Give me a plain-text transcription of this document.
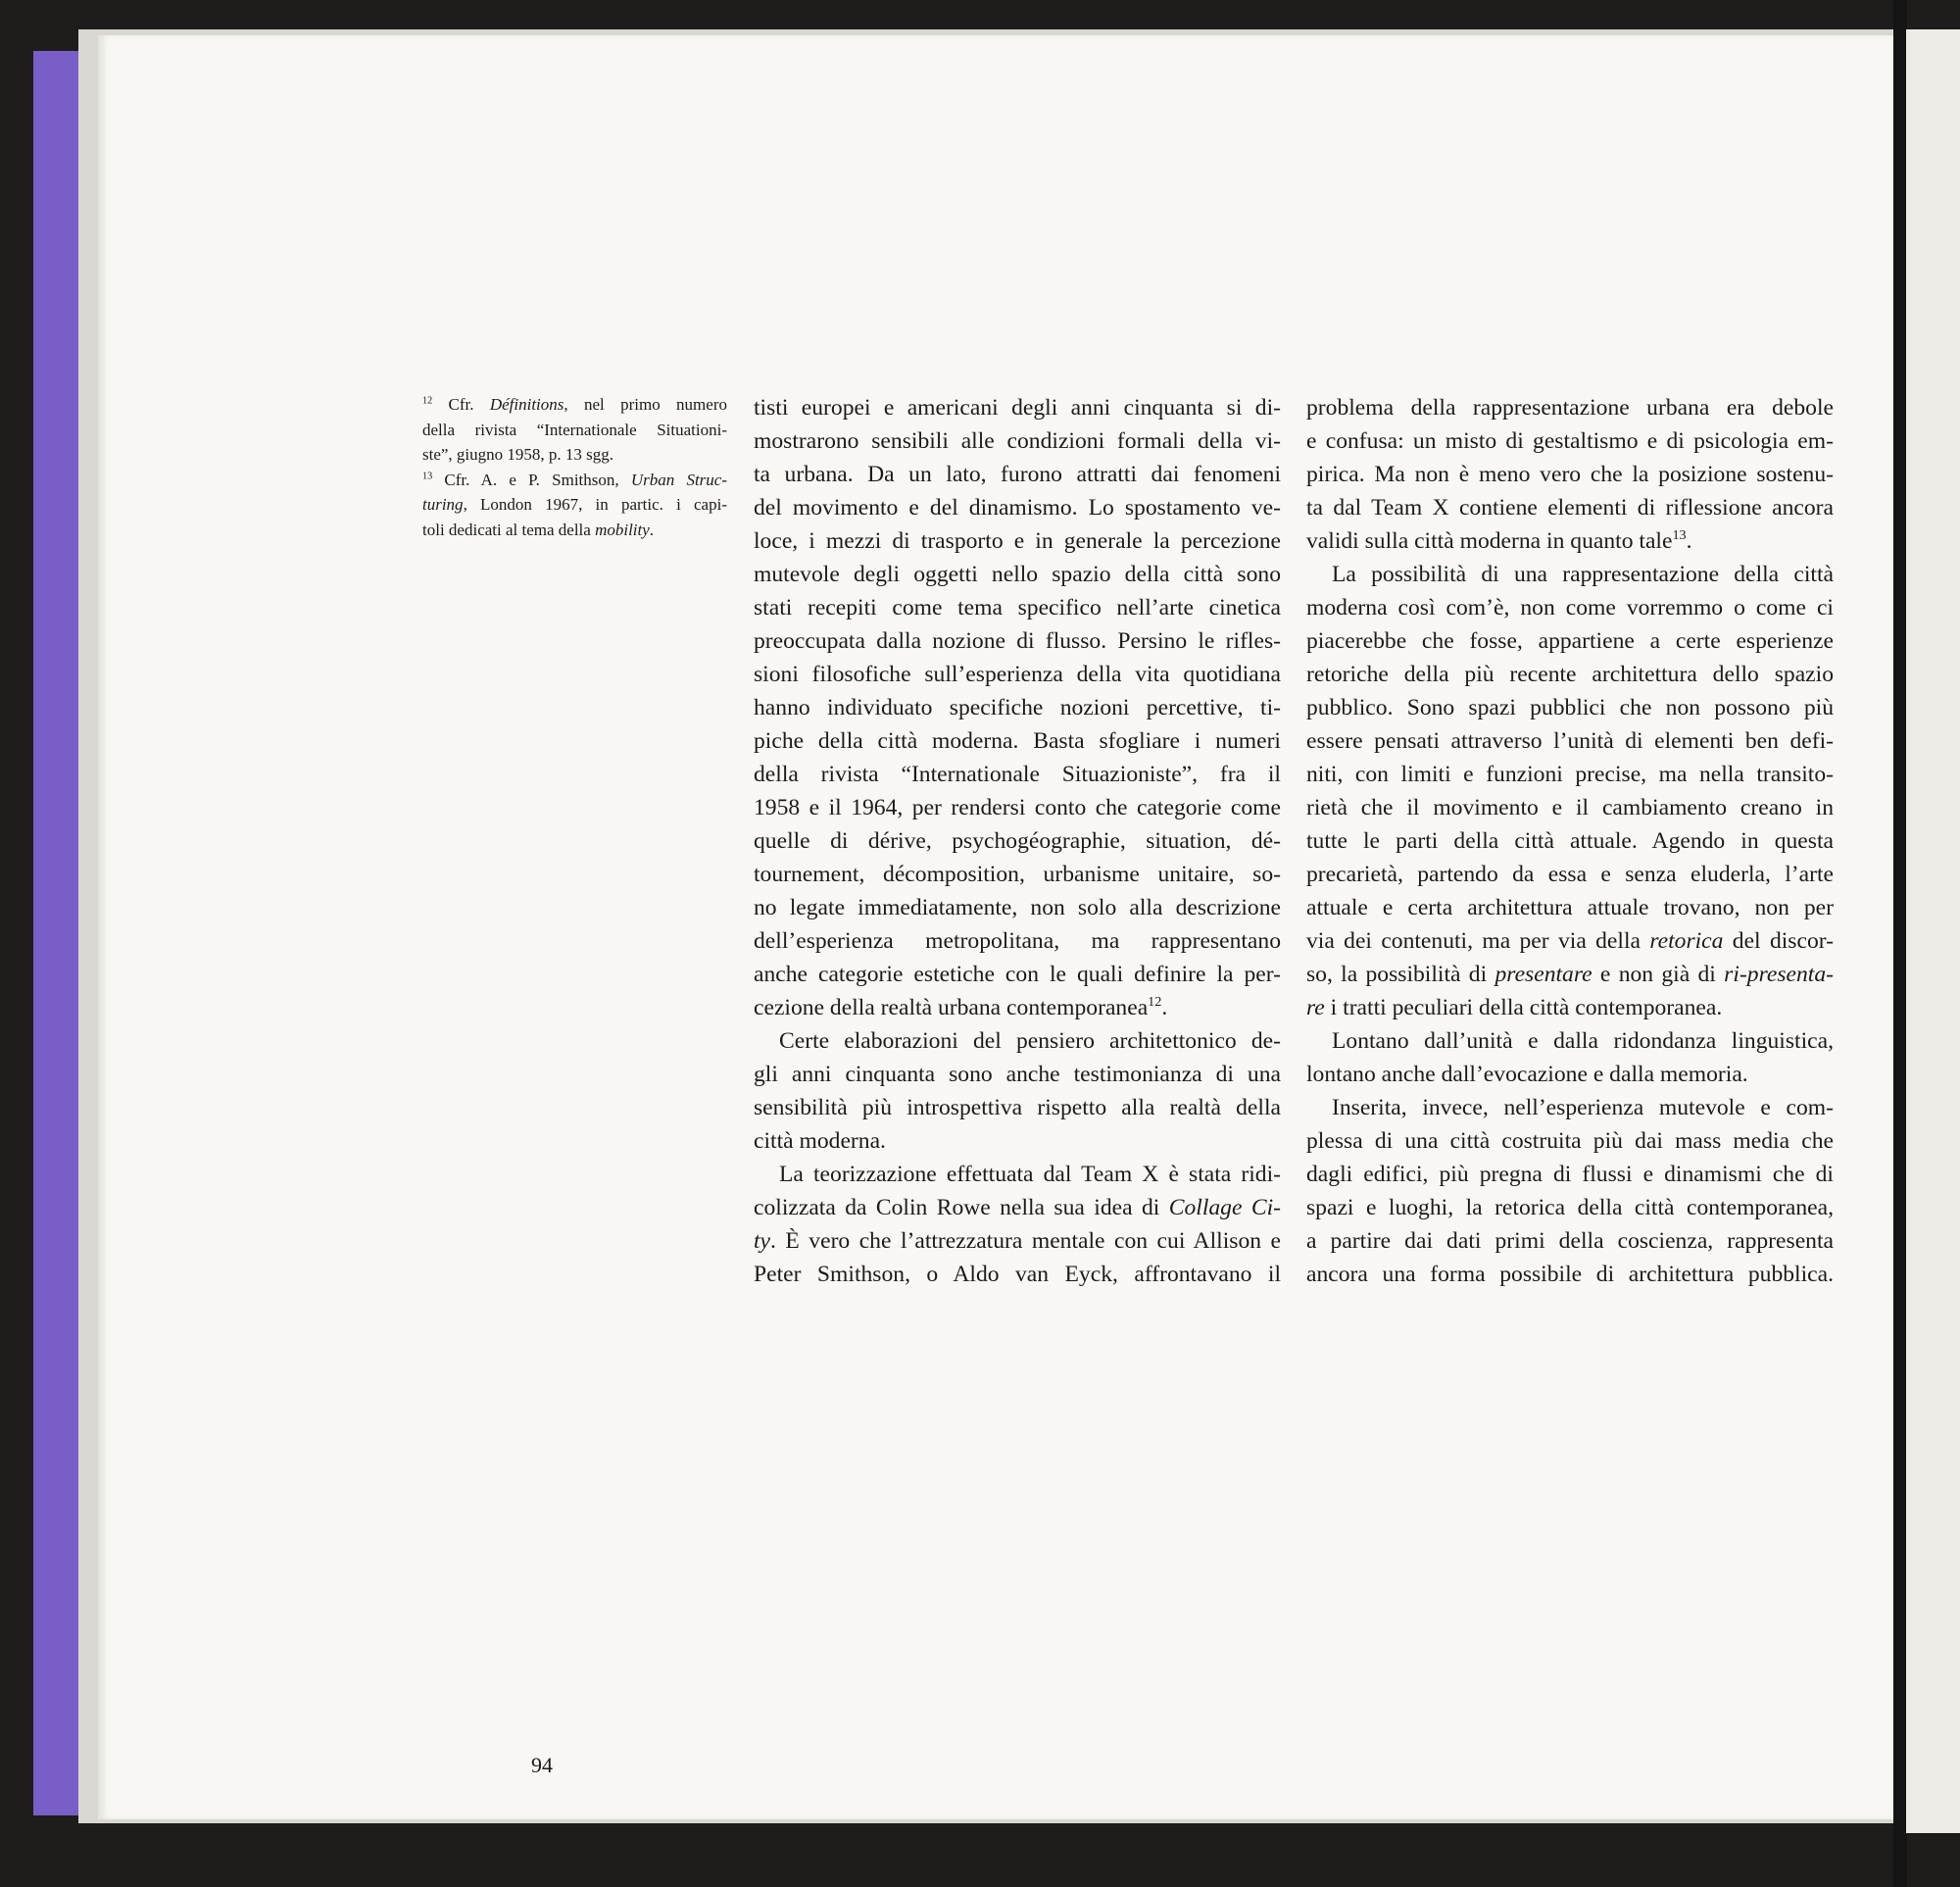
$^{12}$ Cfr. Définitions, nel primo numero
della rivista “Internationale Situationi-
ste”, giugno 1958, p. 13 sgg.
$^{13}$ Cfr. A. e P. Smithson, Urban Struc-
turing, London 1967, in partic. i capi-
toli dedicati al tema della mobility.
tisti europei e americani degli anni cinquanta si di-
mostrarono sensibili alle condizioni formali della vi-
ta urbana. Da un lato, furono attratti dai fenomeni
del movimento e del dinamismo. Lo spostamento ve-
loce, i mezzi di trasporto e in generale la percezione
mutevole degli oggetti nello spazio della città sono
stati recepiti come tema specifico nell’arte cinetica
preoccupata dalla nozione di flusso. Persino le rifles-
sioni filosofiche sull’esperienza della vita quotidiana
hanno individuato specifiche nozioni percettive, ti-
piche della città moderna. Basta sfogliare i numeri
della rivista “Internationale Situazioniste”, fra il
1958 e il 1964, per rendersi conto che categorie come
quelle di dérive, psychogéographie, situation, dé-
tournement, décomposition, urbanisme unitaire, so-
no legate immediatamente, non solo alla descrizione
dell’esperienza metropolitana, ma rappresentano
anche categorie estetiche con le quali definire la per-
cezione della realtà urbana contemporanea$^{12}$.
Certe elaborazioni del pensiero architettonico de-
gli anni cinquanta sono anche testimonianza di una
sensibilità più introspettiva rispetto alla realtà della
città moderna.
La teorizzazione effettuata dal Team X è stata ridi-
colizzata da Colin Rowe nella sua idea di Collage Ci-
ty. È vero che l’attrezzatura mentale con cui Allison e
Peter Smithson, o Aldo van Eyck, affrontavano il
problema della rappresentazione urbana era debole
e confusa: un misto di gestaltismo e di psicologia em-
pirica. Ma non è meno vero che la posizione sostenu-
ta dal Team X contiene elementi di riflessione ancora
validi sulla città moderna in quanto tale$^{13}$.
La possibilità di una rappresentazione della città
moderna così com’è, non come vorremmo o come ci
piacerebbe che fosse, appartiene a certe esperienze
retoriche della più recente architettura dello spazio
pubblico. Sono spazi pubblici che non possono più
essere pensati attraverso l’unità di elementi ben defi-
niti, con limiti e funzioni precise, ma nella transito-
rietà che il movimento e il cambiamento creano in
tutte le parti della città attuale. Agendo in questa
precarietà, partendo da essa e senza eluderla, l’arte
attuale e certa architettura attuale trovano, non per
via dei contenuti, ma per via della retorica del discor-
so, la possibilità di presentare e non già di ri-presenta-
re i tratti peculiari della città contemporanea.
Lontano dall’unità e dalla ridondanza linguistica,
lontano anche dall’evocazione e dalla memoria.
Inserita, invece, nell’esperienza mutevole e com-
plessa di una città costruita più dai mass media che
dagli edifici, più pregna di flussi e dinamismi che di
spazi e luoghi, la retorica della città contemporanea,
a partire dai dati primi della coscienza, rappresenta
ancora una forma possibile di architettura pubblica.
94
